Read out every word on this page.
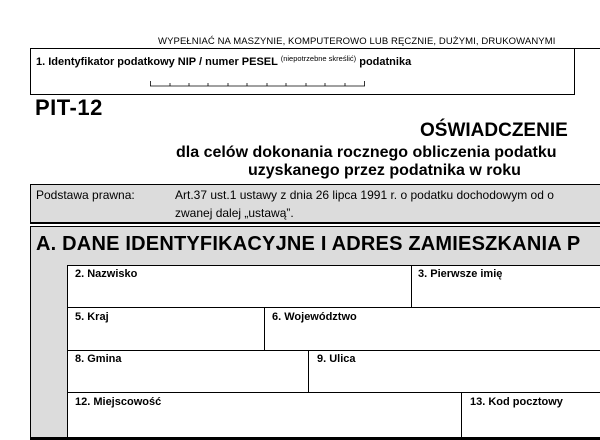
WYPEŁNIAĆ NA MASZYNIE, KOMPUTEROWO LUB RĘCZNIE, DUŻYMI, DRUKOWANYMI
1. Identyfikator podatkowy NIP / numer PESEL $^{(niepotrzebne skreślić)}$ podatnika
PIT-12
OŚWIADCZENIE
dla celów dokonania rocznego obliczenia podatku
uzyskanego przez podatnika w roku
Podstawa prawna:	Art.37 ust.1 ustawy z dnia 26 lipca 1991 r. o podatku dochodowym od o
zwanej dalej „ustawą”.
A. DANE IDENTYFIKACYJNE I ADRES ZAMIESZKANIA P
2. Nazwisko	3. Pierwsze imię
5. Kraj	6. Województwo
8. Gmina	9. Ulica
12. Miejscowość	13. Kod pocztowy
